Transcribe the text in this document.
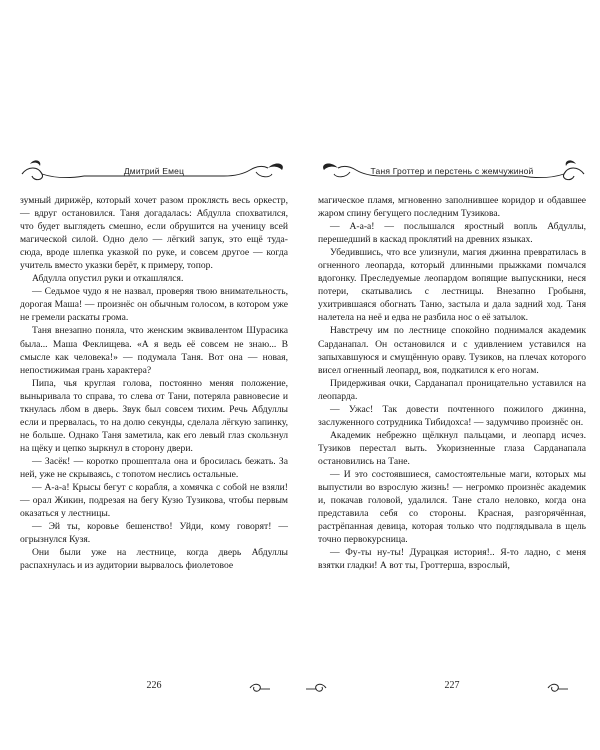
Дмитрий Емец

зумный дирижёр, который хочет разом проклясть весь оркестр, — вдруг остановился. Таня догадалась: Абдулла спохватился, что будет выглядеть смешно, если обрушится на ученицу всей магической силой. Одно дело — лёгкий запук, это ещё туда-сюда, вроде шлепка указкой по руке, и совсем другое — когда учитель вместо указки берёт, к примеру, топор.

Абдулла опустил руки и откашлялся.

— Седьмое чудо я не назвал, проверяя твою внимательность, дорогая Маша! — произнёс он обычным голосом, в котором уже не гремели раскаты грома.

Таня внезапно поняла, что женским эквивалентом Шурасика была... Маша Феклищева. «А я ведь её совсем не знаю... В смысле как человека!» — подумала Таня. Вот она — новая, непостижимая грань характера?

Пипа, чья круглая голова, постоянно меняя положение, выныривала то справа, то слева от Тани, потеряла равновесие и ткнулась лбом в дверь. Звук был совсем тихим. Речь Абдуллы если и прервалась, то на долю секунды, сделала лёгкую запинку, не больше. Однако Таня заметила, как его левый глаз скользнул на щёку и цепко зыркнул в сторону двери.

— Засёк! — коротко прошептала она и бросилась бежать. За ней, уже не скрываясь, с топотом неслись остальные.

— А-а-а! Крысы бегут с корабля, а хомячка с собой не взяли! — орал Жикин, подрезая на бегу Кузю Тузикова, чтобы первым оказаться у лестницы.

— Эй ты, коровье бешенство! Уйди, кому говорят! — огрызнулся Кузя.

Они были уже на лестнице, когда дверь Абдуллы распахнулась и из аудитории вырвалось фиолетовое

226
Таня Гроттер и перстень с жемчужиной

магическое пламя, мгновенно заполнившее коридор и обдавшее жаром спину бегущего последним Тузикова.

— А-а-а! — послышался яростный вопль Абдуллы, перешедший в каскад проклятий на древних языках.

Убедившись, что все улизнули, магия джинна превратилась в огненного леопарда, который длинными прыжками помчался вдогонку. Преследуемые леопардом вопящие выпускники, неся потери, скатывались с лестницы. Внезапно Гробыня, ухитрившаяся обогнать Таню, застыла и дала задний ход. Таня налетела на неё и едва не разбила нос о её затылок.

Навстречу им по лестнице спокойно поднимался академик Сарданапал. Он остановился и с удивлением уставился на запыхавшуюся и смущённую ораву. Тузиков, на плечах которого висел огненный леопард, воя, подкатился к его ногам.

Придерживая очки, Сарданапал проницательно уставился на леопарда.

— Ужас! Так довести почтенного пожилого джинна, заслуженного сотрудника Тибидохса! — задумчиво произнёс он.

Академик небрежно щёлкнул пальцами, и леопард исчез. Тузиков перестал выть. Укоризненные глаза Сарданапала остановились на Тане.

— И это состоявшиеся, самостоятельные маги, которых мы выпустили во взрослую жизнь! — негромко произнёс академик и, покачав головой, удалился. Тане стало неловко, когда она представила себя со стороны. Красная, разгорячённая, растрёпанная девица, которая только что подглядывала в щель точно первокурсница.

— Фу-ты ну-ты! Дурацкая история!.. Я-то ладно, с меня взятки гладки! А вот ты, Гроттерша, взрослый,

227
